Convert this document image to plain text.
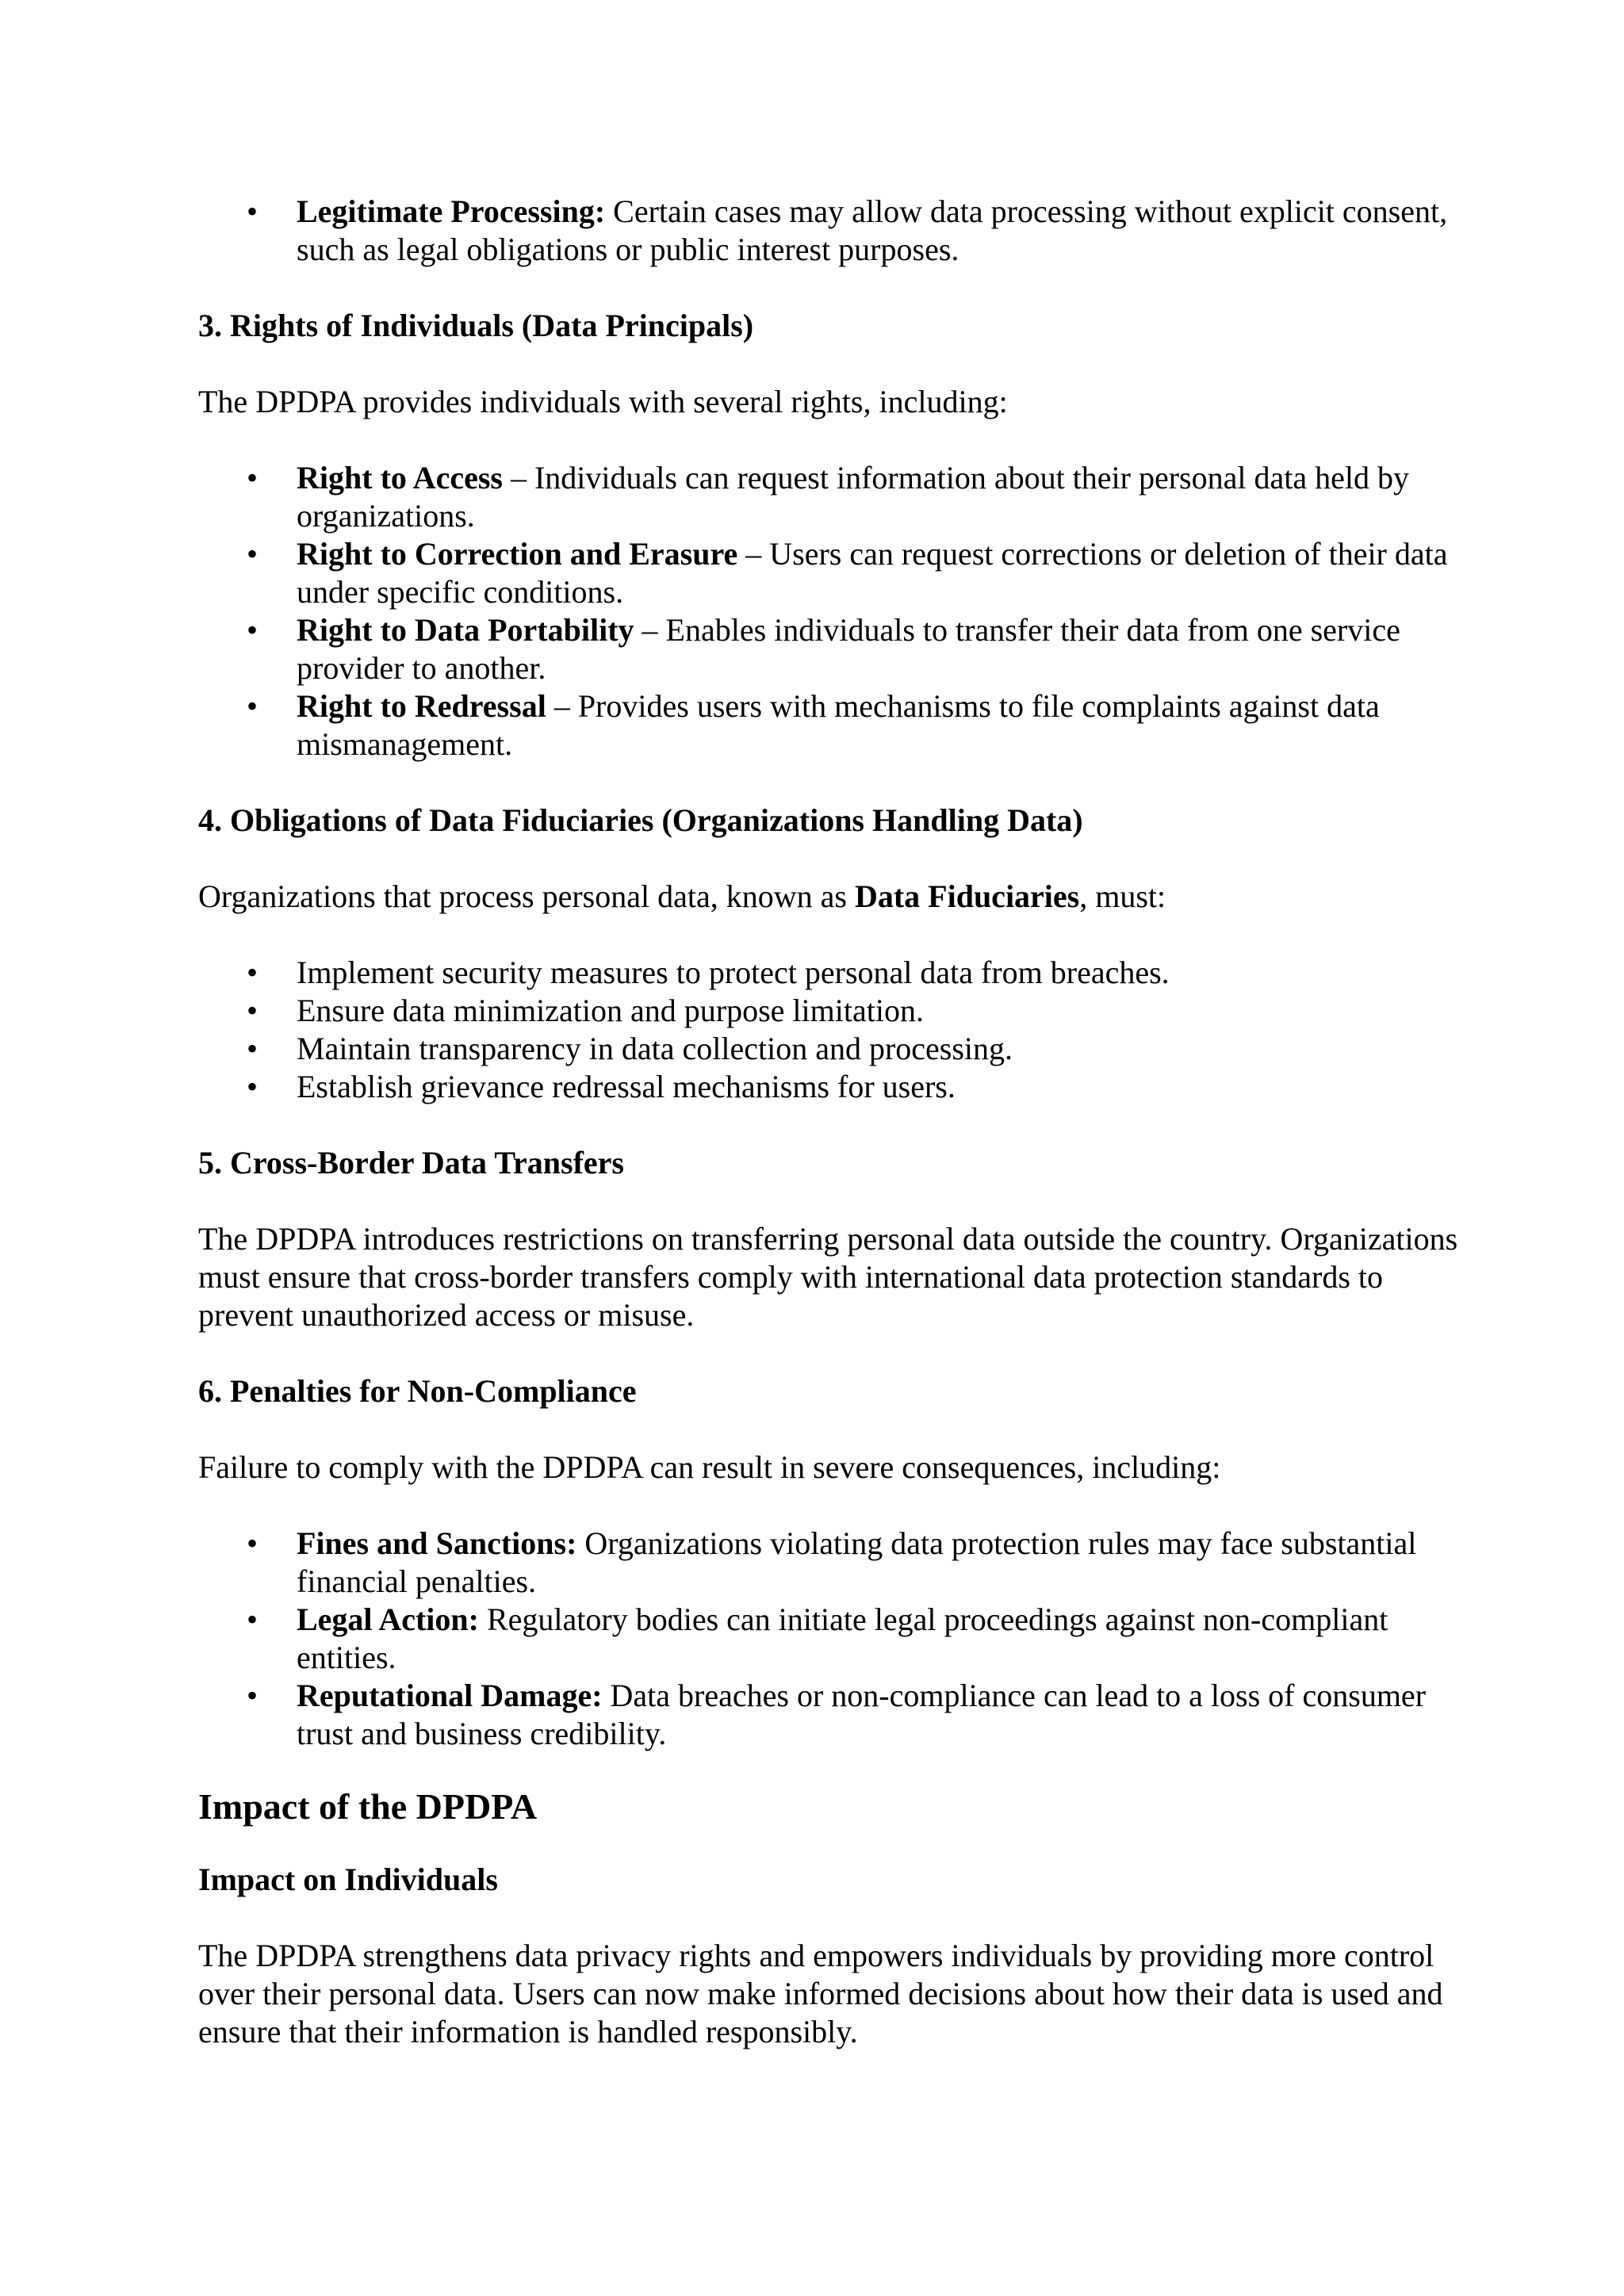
• Legitimate Processing: Certain cases may allow data processing without explicit consent, such as legal obligations or public interest purposes.
3. Rights of Individuals (Data Principals)

The DPDPA provides individuals with several rights, including:

• Right to Access – Individuals can request information about their personal data held by organizations.
• Right to Correction and Erasure – Users can request corrections or deletion of their data under specific conditions.
• Right to Data Portability – Enables individuals to transfer their data from one service provider to another.
• Right to Redressal – Provides users with mechanisms to file complaints against data mismanagement.
4. Obligations of Data Fiduciaries (Organizations Handling Data)

Organizations that process personal data, known as Data Fiduciaries, must:

• Implement security measures to protect personal data from breaches.
• Ensure data minimization and purpose limitation.
• Maintain transparency in data collection and processing.
• Establish grievance redressal mechanisms for users.
5. Cross-Border Data Transfers

The DPDPA introduces restrictions on transferring personal data outside the country. Organizations must ensure that cross-border transfers comply with international data protection standards to prevent unauthorized access or misuse.

6. Penalties for Non-Compliance

Failure to comply with the DPDPA can result in severe consequences, including:

• Fines and Sanctions: Organizations violating data protection rules may face substantial financial penalties.
• Legal Action: Regulatory bodies can initiate legal proceedings against non-compliant entities.
• Reputational Damage: Data breaches or non-compliance can lead to a loss of consumer trust and business credibility.
Impact of the DPDPA
Impact on Individuals

The DPDPA strengthens data privacy rights and empowers individuals by providing more control over their personal data. Users can now make informed decisions about how their data is used and ensure that their information is handled responsibly.
